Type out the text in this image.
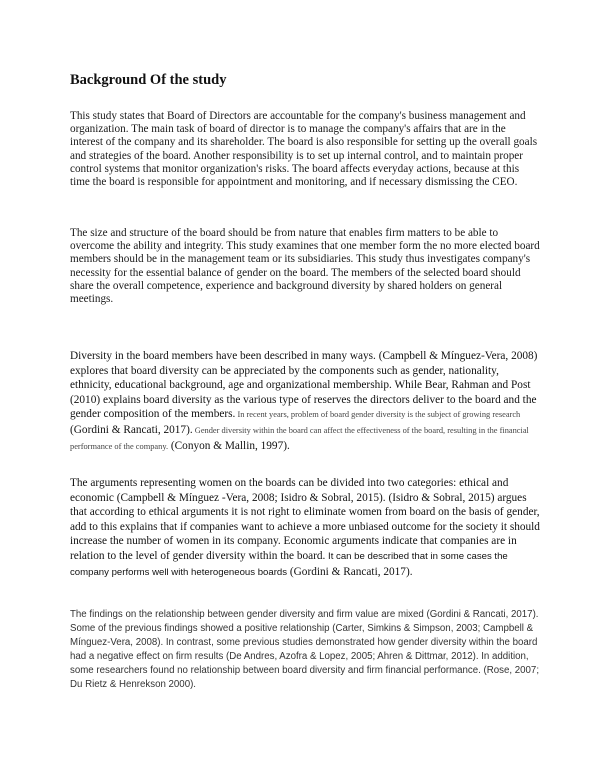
Background Of the study

This study states that Board of Directors are accountable for the company's business management and organization. The main task of board of director is to manage the company's affairs that are in the interest of the company and its shareholder. The board is also responsible for setting up the overall goals and strategies of the board. Another responsibility is to set up internal control, and to maintain proper control systems that monitor organization's risks. The board affects everyday actions, because at this time the board is responsible for appointment and monitoring, and if necessary dismissing the CEO.

The size and structure of the board should be from nature that enables firm matters to be able to overcome the ability and integrity. This study examines that one member form the no more elected board members should be in the management team or its subsidiaries. This study thus investigates company's necessity for the essential balance of gender on the board. The members of the selected board should share the overall competence, experience and background diversity by shared holders on general meetings.

Diversity in the board members have been described in many ways. (Campbell & Mínguez-Vera, 2008) explores that board diversity can be appreciated by the components such as gender, nationality, ethnicity, educational background, age and organizational membership. While Bear, Rahman and Post (2010) explains board diversity as the various type of reserves the directors deliver to the board and the gender composition of the members. In recent years, problem of board gender diversity is the subject of growing research (Gordini & Rancati, 2017). Gender diversity within the board can affect the effectiveness of the board, resulting in the financial performance of the company. (Conyon & Mallin, 1997).

The arguments representing women on the boards can be divided into two categories: ethical and economic (Campbell & Mínguez -Vera, 2008; Isidro & Sobral, 2015). (Isidro & Sobral, 2015) argues that according to ethical arguments it is not right to eliminate women from board on the basis of gender, add to this explains that if companies want to achieve a more unbiased outcome for the society it should increase the number of women in its company. Economic arguments indicate that companies are in relation to the level of gender diversity within the board. It can be described that in some cases the company performs well with heterogeneous boards (Gordini & Rancati, 2017).

The findings on the relationship between gender diversity and firm value are mixed (Gordini & Rancati, 2017). Some of the previous findings showed a positive relationship (Carter, Simkins & Simpson, 2003; Campbell & Mínguez-Vera, 2008). In contrast, some previous studies demonstrated how gender diversity within the board had a negative effect on firm results (De Andres, Azofra & Lopez, 2005; Ahren & Dittmar, 2012). In addition, some researchers found no relationship between board diversity and firm financial performance. (Rose, 2007; Du Rietz & Henrekson 2000).
